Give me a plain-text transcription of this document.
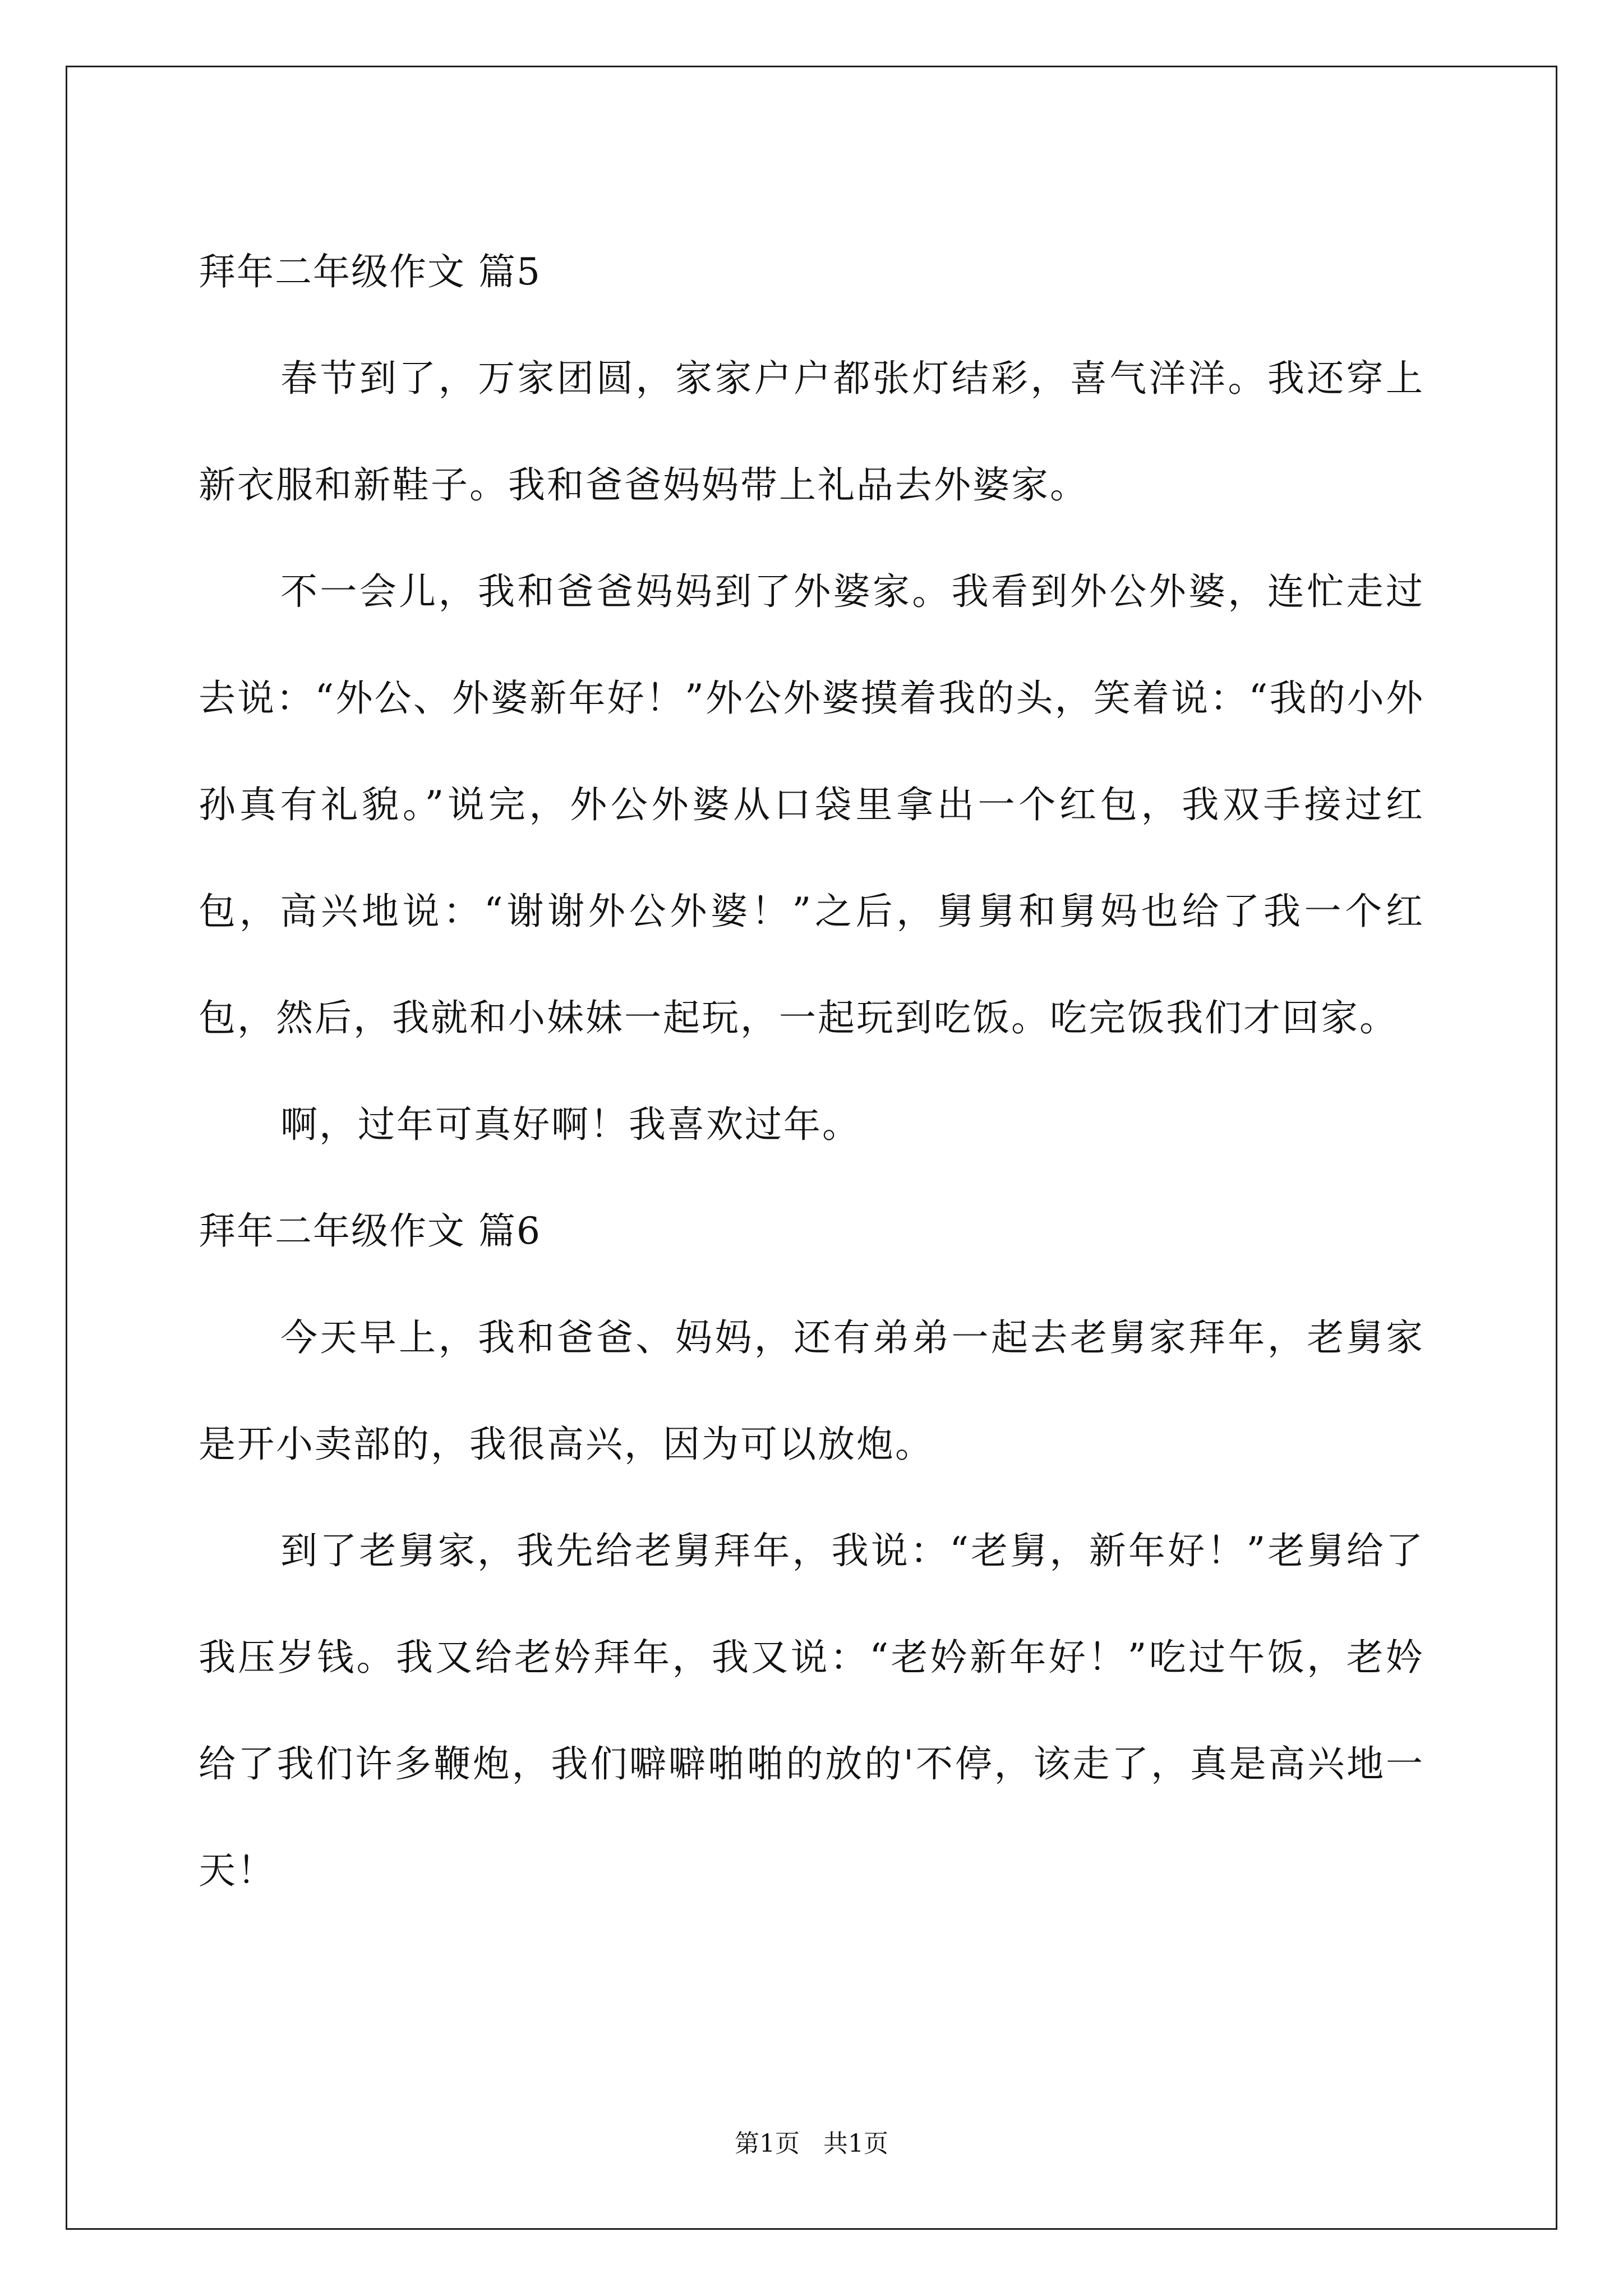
拜年二年级作文 篇5

春节到了，万家团圆，家家户户都张灯结彩，喜气洋洋。我还穿上新衣服和新鞋子。我和爸爸妈妈带上礼品去外婆家。

不一会儿，我和爸爸妈妈到了外婆家。我看到外公外婆，连忙走过去说：“外公、外婆新年好！”外公外婆摸着我的头，笑着说：“我的小外孙真有礼貌。”说完，外公外婆从口袋里拿出一个红包，我双手接过红包，高兴地说：“谢谢外公外婆！”之后，舅舅和舅妈也给了我一个红包，然后，我就和小妹妹一起玩，一起玩到吃饭。吃完饭我们才回家。

啊，过年可真好啊！我喜欢过年。

拜年二年级作文 篇6

今天早上，我和爸爸、妈妈，还有弟弟一起去老舅家拜年，老舅家是开小卖部的，我很高兴，因为可以放炮。

到了老舅家，我先给老舅拜年，我说：“老舅，新年好！”老舅给了我压岁钱。我又给老妗拜年，我又说：“老妗新年好！”吃过午饭，老妗给了我们许多鞭炮，我们噼噼啪啪的放的'不停，该走了，真是高兴地一天！

第1页   共1页
